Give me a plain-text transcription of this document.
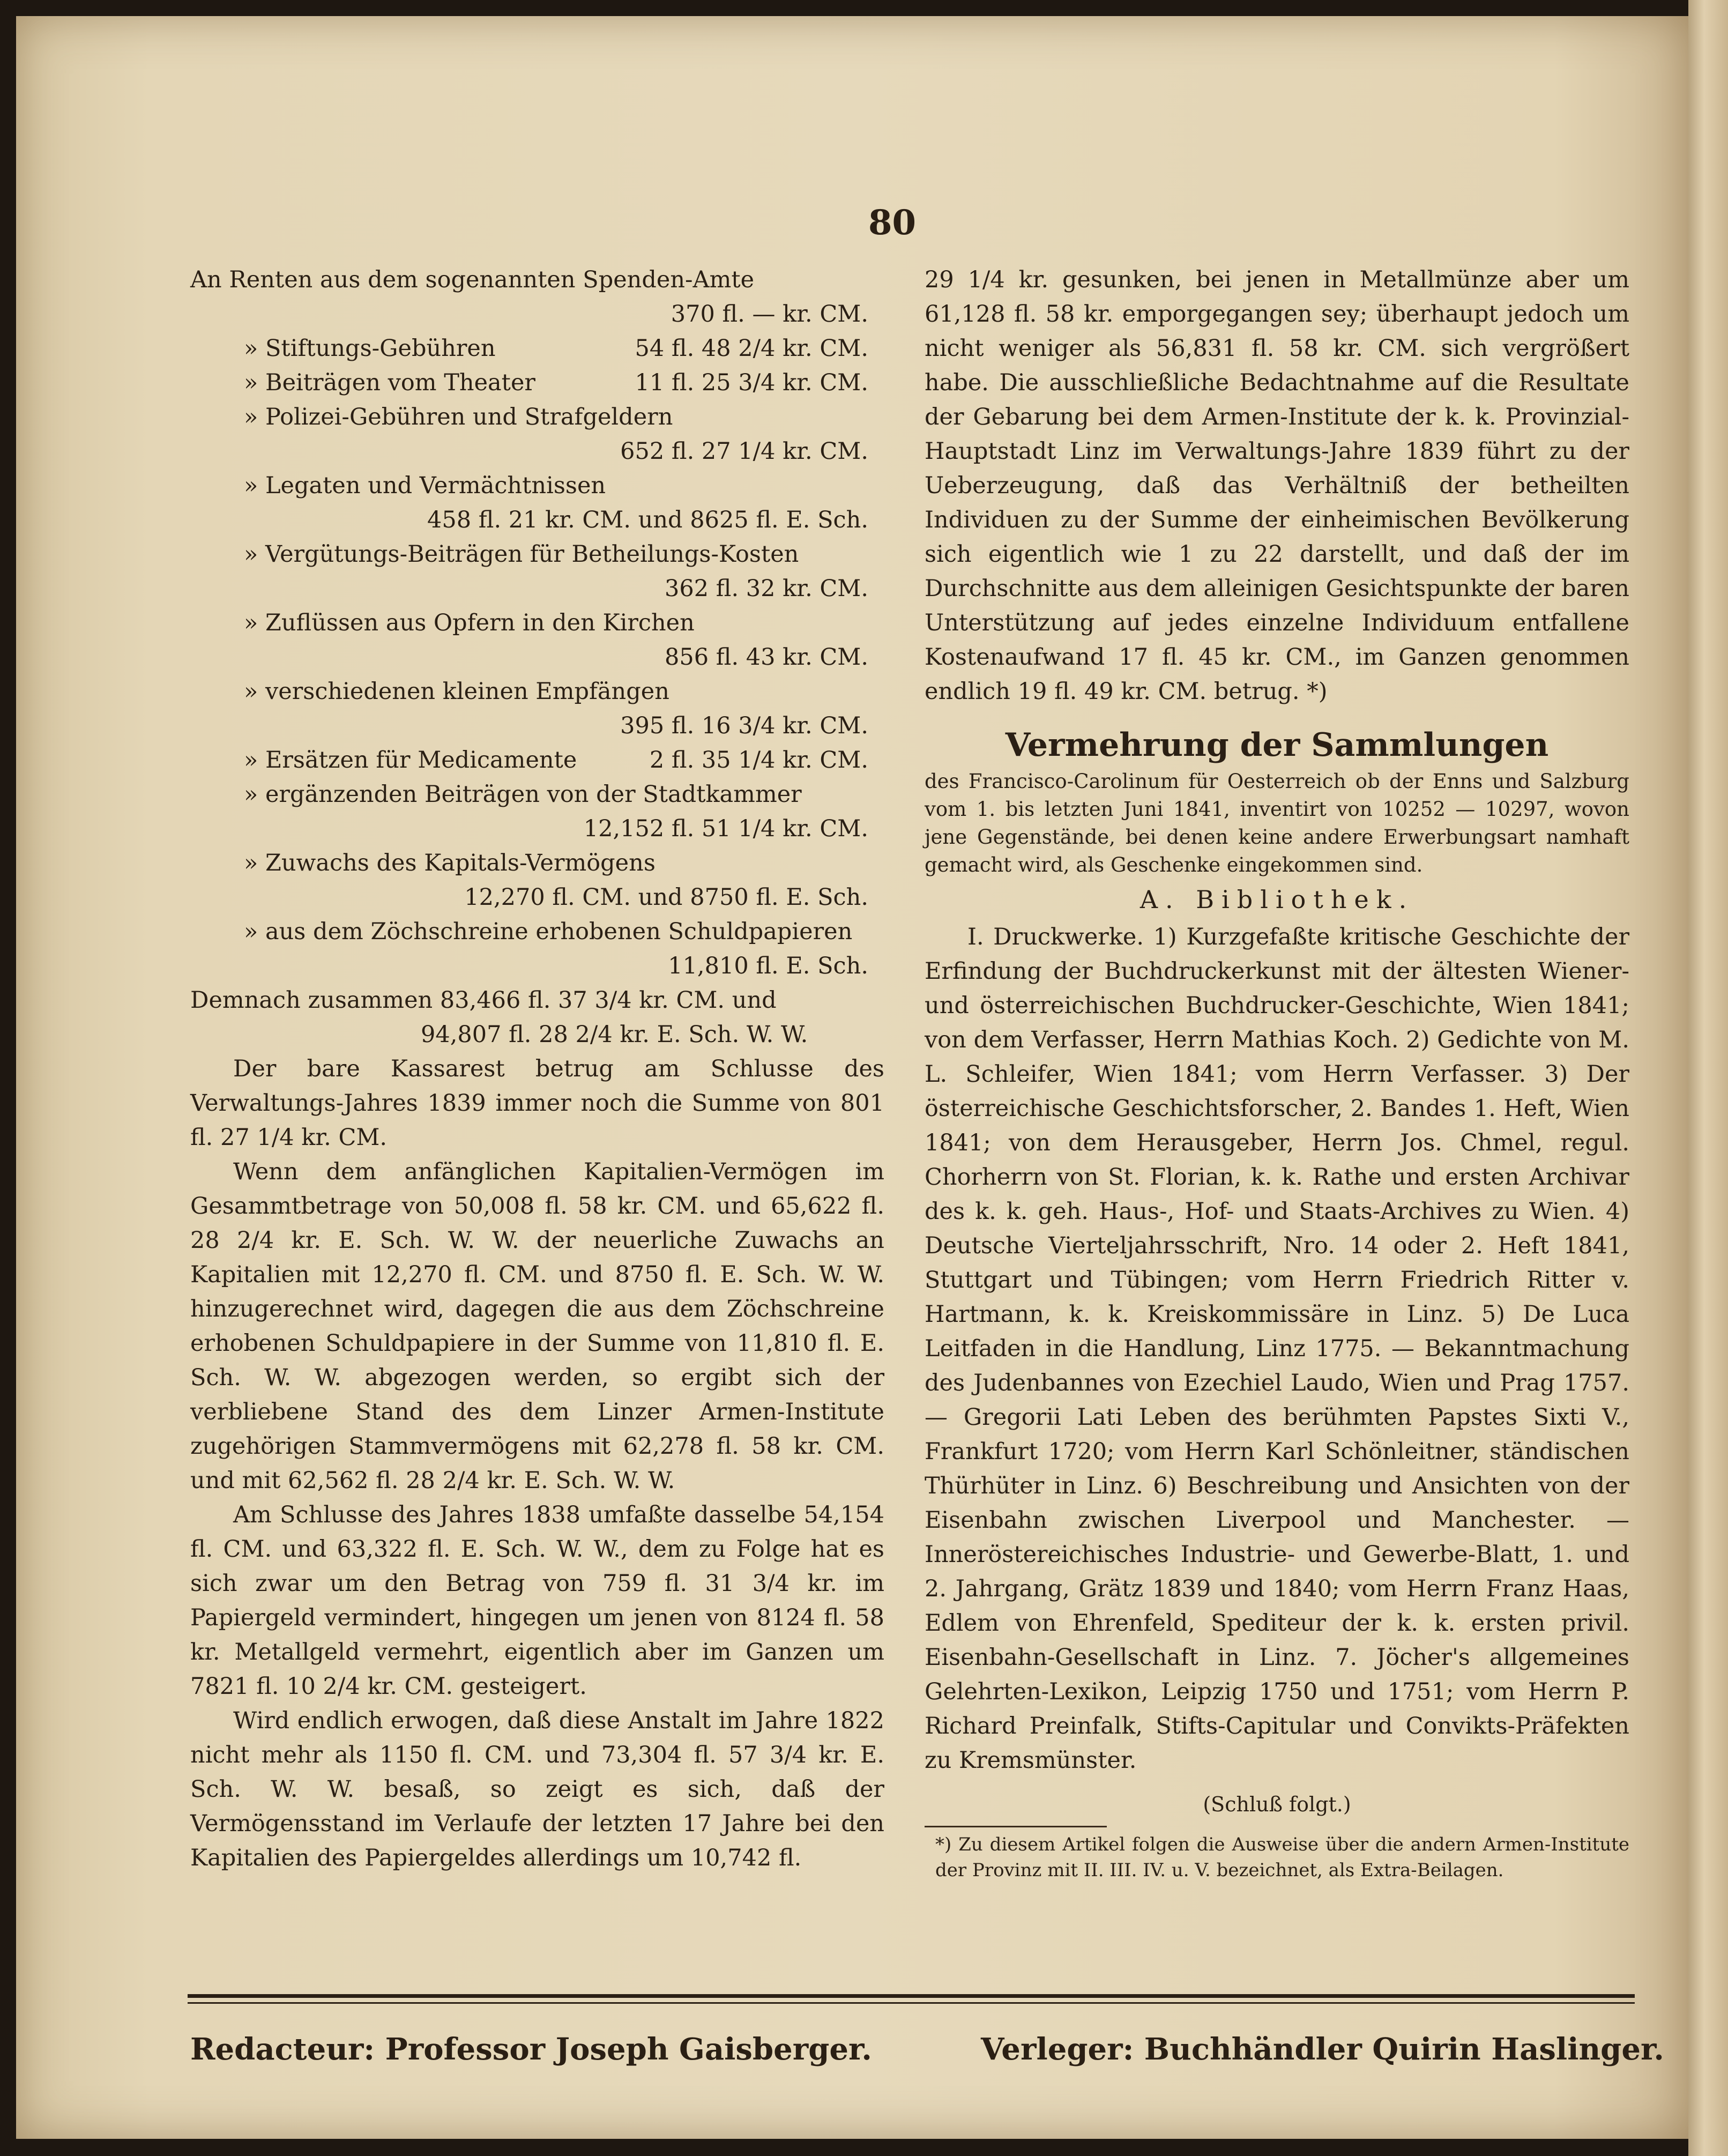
80
An Renten aus dem sogenannten Spenden-Amte
370 fl. — kr. CM.
» Stiftungs-Gebühren	54 fl. 48 2/4 kr. CM.
» Beiträgen vom Theater	11 fl. 25 3/4 kr. CM.
» Polizei-Gebühren und Strafgeldern
652 fl. 27 1/4 kr. CM.
» Legaten und Vermächtnissen
458 fl. 21 kr. CM. und 8625 fl. E. Sch.
» Vergütungs-Beiträgen für Betheilungs-Kosten
362 fl. 32 kr. CM.
» Zuflüssen aus Opfern in den Kirchen
856 fl. 43 kr. CM.
» verschiedenen kleinen Empfängen
395 fl. 16 3/4 kr. CM.
» Ersätzen für Medicamente	2 fl. 35 1/4 kr. CM.
» ergänzenden Beiträgen von der Stadtkammer
12,152 fl. 51 1/4 kr. CM.
» Zuwachs des Kapitals-Vermögens
12,270 fl. CM. und 8750 fl. E. Sch.
» aus dem Zöchschreine erhobenen Schuldpapieren
11,810 fl. E. Sch.
Demnach zusammen 83,466 fl. 37 3/4 kr. CM. und
94,807 fl. 28 2/4 kr. E. Sch. W. W.

Der bare Kassarest betrug am Schlusse des Verwaltungs-Jahres 1839 immer noch die Summe von 801 fl. 27 1/4 kr. CM.

Wenn dem anfänglichen Kapitalien-Vermögen im Gesammtbetrage von 50,008 fl. 58 kr. CM. und 65,622 fl. 28 2/4 kr. E. Sch. W. W. der neuerliche Zuwachs an Kapitalien mit 12,270 fl. CM. und 8750 fl. E. Sch. W. W. hinzugerechnet wird, dagegen die aus dem Zöchschreine erhobenen Schuldpapiere in der Summe von 11,810 fl. E. Sch. W. W. abgezogen werden, so ergibt sich der verbliebene Stand des dem Linzer Armen-Institute zugehörigen Stammvermögens mit 62,278 fl. 58 kr. CM. und mit 62,562 fl. 28 2/4 kr. E. Sch. W. W.

Am Schlusse des Jahres 1838 umfaßte dasselbe 54,154 fl. CM. und 63,322 fl. E. Sch. W. W., dem zu Folge hat es sich zwar um den Betrag von 759 fl. 31 3/4 kr. im Papiergeld vermindert, hingegen um jenen von 8124 fl. 58 kr. Metallgeld vermehrt, eigentlich aber im Ganzen um 7821 fl. 10 2/4 kr. CM. gesteigert.

Wird endlich erwogen, daß diese Anstalt im Jahre 1822 nicht mehr als 1150 fl. CM. und 73,304 fl. 57 3/4 kr. E. Sch. W. W. besaß, so zeigt es sich, daß der Vermögensstand im Verlaufe der letzten 17 Jahre bei den Kapitalien des Papiergeldes allerdings um 10,742 fl.

29 1/4 kr. gesunken, bei jenen in Metallmünze aber um 61,128 fl. 58 kr. emporgegangen sey; überhaupt jedoch um nicht weniger als 56,831 fl. 58 kr. CM. sich vergrößert habe. Die ausschließliche Bedachtnahme auf die Resultate der Gebarung bei dem Armen-Institute der k. k. Provinzial-Hauptstadt Linz im Verwaltungs-Jahre 1839 führt zu der Ueberzeugung, daß das Verhältniß der betheilten Individuen zu der Summe der einheimischen Bevölkerung sich eigentlich wie 1 zu 22 darstellt, und daß der im Durchschnitte aus dem alleinigen Gesichtspunkte der baren Unterstützung auf jedes einzelne Individuum entfallene Kostenaufwand 17 fl. 45 kr. CM., im Ganzen genommen endlich 19 fl. 49 kr. CM. betrug. *)

Vermehrung der Sammlungen

des Francisco-Carolinum für Oesterreich ob der Enns und Salzburg vom 1. bis letzten Juni 1841, inventirt von 10252 — 10297, wovon jene Gegenstände, bei denen keine andere Erwerbungsart namhaft gemacht wird, als Geschenke eingekommen sind.

A. Bibliothek.

I. Druckwerke. 1) Kurzgefaßte kritische Geschichte der Erfindung der Buchdruckerkunst mit der ältesten Wiener- und österreichischen Buchdrucker-Geschichte, Wien 1841; von dem Verfasser, Herrn Mathias Koch. 2) Gedichte von M. L. Schleifer, Wien 1841; vom Herrn Verfasser. 3) Der österreichische Geschichtsforscher, 2. Bandes 1. Heft, Wien 1841; von dem Herausgeber, Herrn Jos. Chmel, regul. Chorherrn von St. Florian, k. k. Rathe und ersten Archivar des k. k. geh. Haus-, Hof- und Staats-Archives zu Wien. 4) Deutsche Vierteljahrsschrift, Nro. 14 oder 2. Heft 1841, Stuttgart und Tübingen; vom Herrn Friedrich Ritter v. Hartmann, k. k. Kreiskommissäre in Linz. 5) De Luca Leitfaden in die Handlung, Linz 1775. — Bekanntmachung des Judenbannes von Ezechiel Laudo, Wien und Prag 1757. — Gregorii Lati Leben des berühmten Papstes Sixti V., Frankfurt 1720; vom Herrn Karl Schönleitner, ständischen Thürhüter in Linz. 6) Beschreibung und Ansichten von der Eisenbahn zwischen Liverpool und Manchester. — Inneröstereichisches Industrie- und Gewerbe-Blatt, 1. und 2. Jahrgang, Grätz 1839 und 1840; vom Herrn Franz Haas, Edlem von Ehrenfeld, Spediteur der k. k. ersten privil. Eisenbahn-Gesellschaft in Linz. 7. Jöcher's allgemeines Gelehrten-Lexikon, Leipzig 1750 und 1751; vom Herrn P. Richard Preinfalk, Stifts-Capitular und Convikts-Präfekten zu Kremsmünster.

(Schluß folgt.)

*) Zu diesem Artikel folgen die Ausweise über die andern Armen-Institute der Provinz mit II. III. IV. u. V. bezeichnet, als Extra-Beilagen.

Redacteur: Professor Joseph Gaisberger.	Verleger: Buchhändler Quirin Haslinger.
